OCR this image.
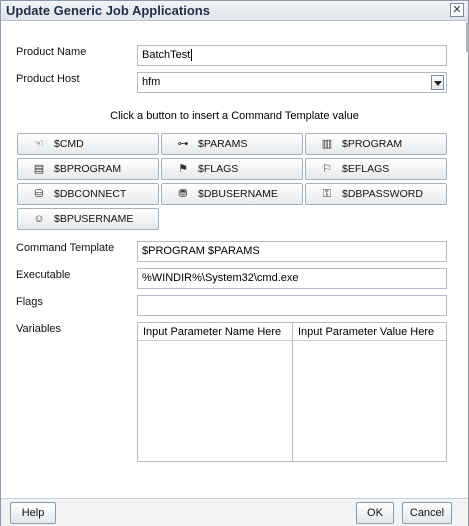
Update Generic Job Applications	✕
Product Name	BatchTest
Product Host	hfm
Click a button to insert a Command Template value
☜ $CMD	⊶ $PARAMS	▥ $PROGRAM
▤ $BPROGRAM	⚑ $FLAGS	⚐ $EFLAGS
⛁ $DBCONNECT	⛃ $DBUSERNAME	⚿	$DBPASSWORD
☺ $BPUSERNAME
Command Template	$PROGRAM $PARAMS
Executable	%WINDIR%\System32\cmd.exe
Flags
Variables	Input Parameter Name Here	Input Parameter Value Here
Help	OK	Cancel
